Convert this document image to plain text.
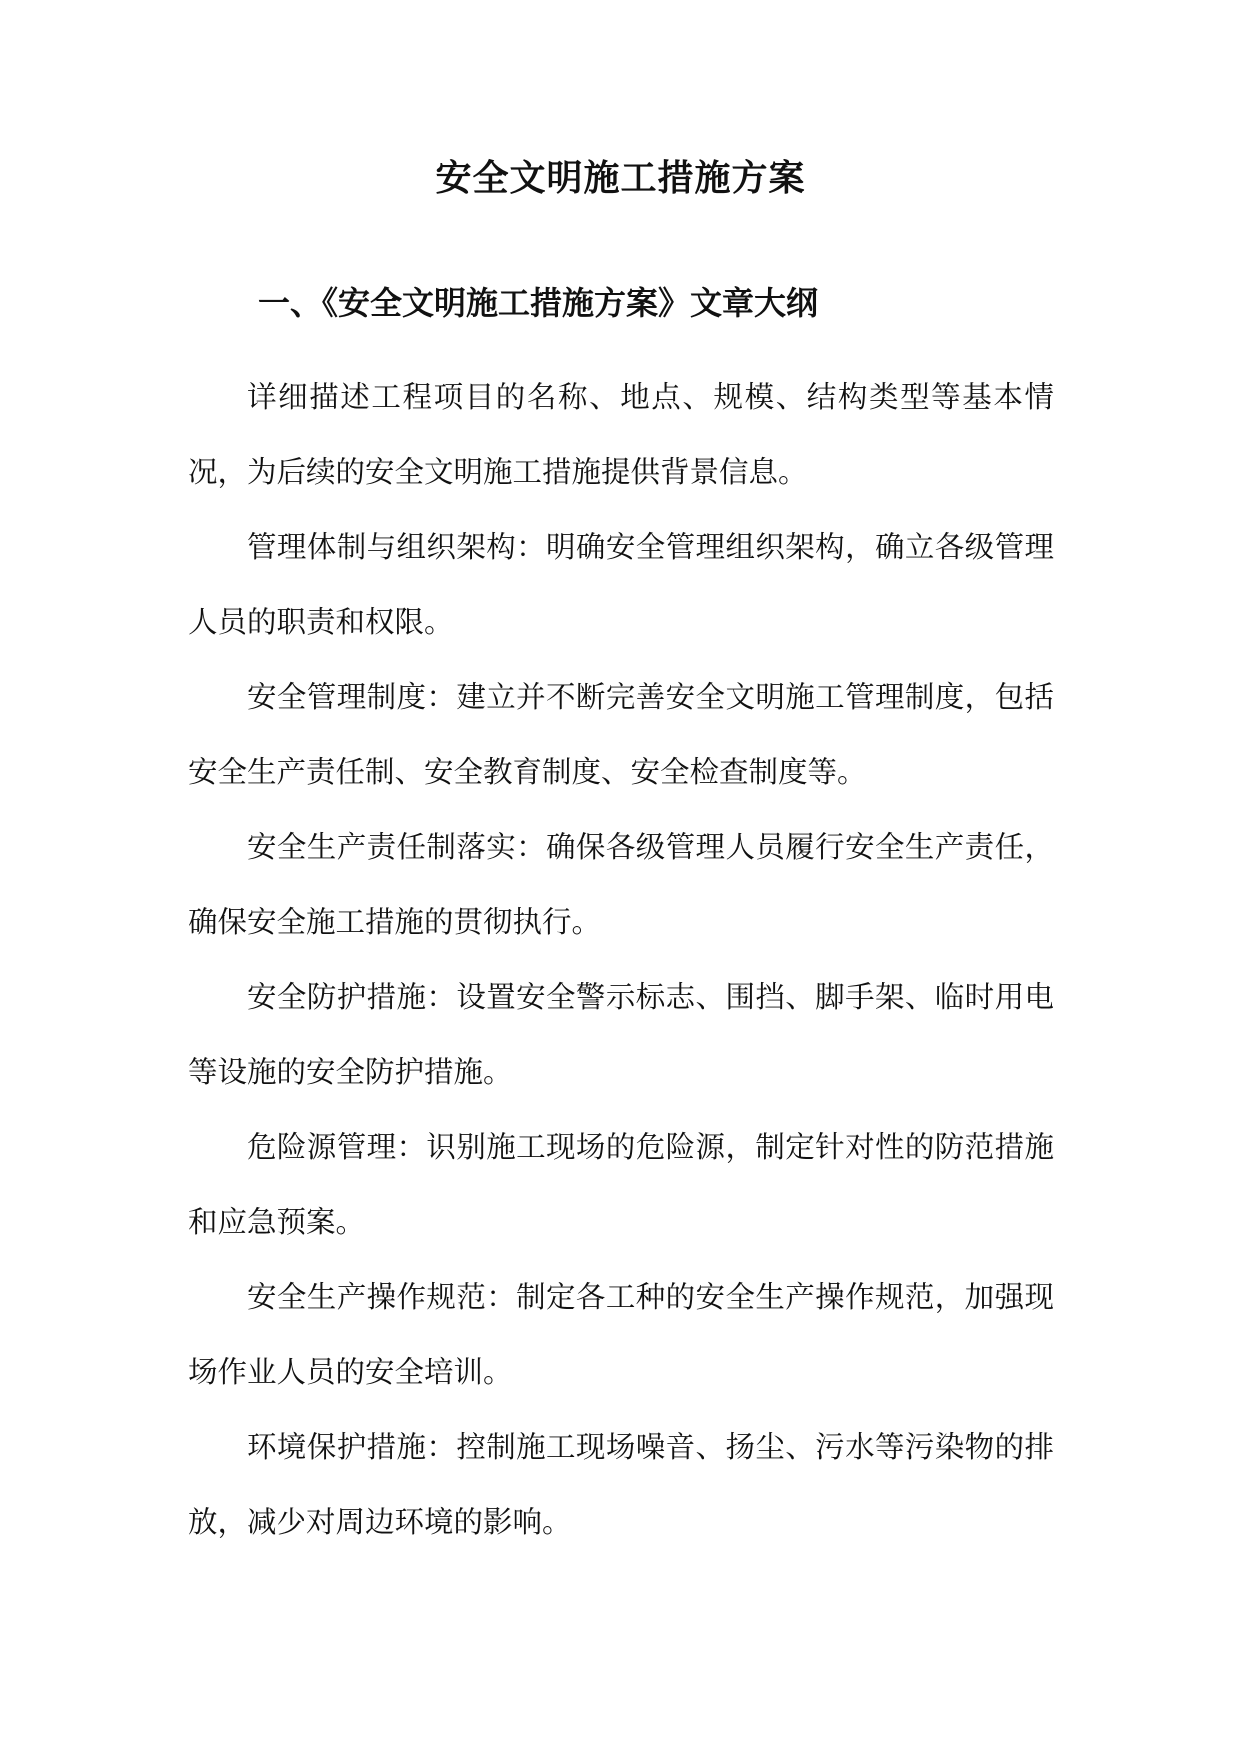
安全文明施工措施方案
一、《安全文明施工措施方案》文章大纲

详细描述工程项目的名称、地点、规模、结构类型等基本情况，为后续的安全文明施工措施提供背景信息。

管理体制与组织架构：明确安全管理组织架构，确立各级管理人员的职责和权限。

安全管理制度：建立并不断完善安全文明施工管理制度，包括安全生产责任制、安全教育制度、安全检查制度等。

安全生产责任制落实：确保各级管理人员履行安全生产责任，确保安全施工措施的贯彻执行。

安全防护措施：设置安全警示标志、围挡、脚手架、临时用电等设施的安全防护措施。

危险源管理：识别施工现场的危险源，制定针对性的防范措施和应急预案。

安全生产操作规范：制定各工种的安全生产操作规范，加强现场作业人员的安全培训。

环境保护措施：控制施工现场噪音、扬尘、污水等污染物的排放，减少对周边环境的影响。
